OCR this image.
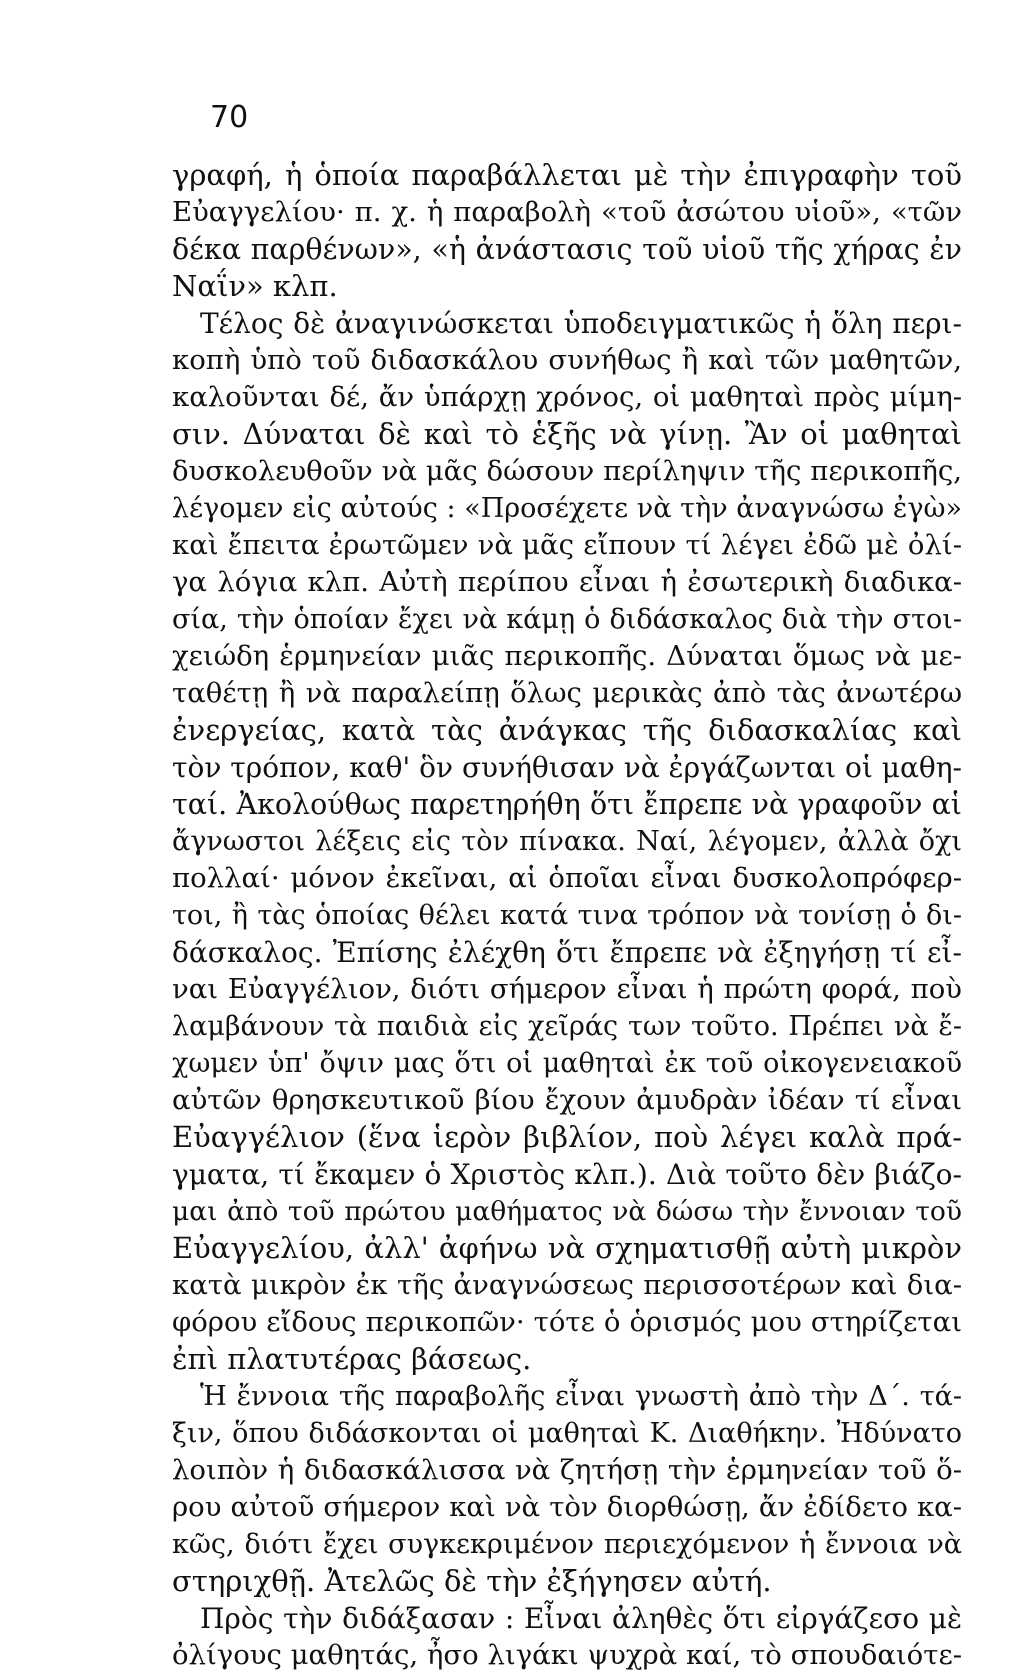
70
γραφή, ἡ ὁποία παραβάλλεται μὲ τὴν ἐπιγραφὴν τοῦ
Εὐαγγελίου· π. χ. ἡ παραβολὴ «τοῦ ἀσώτου υἱοῦ», «τῶν
δέκα παρθένων», «ἡ ἀνάστασις τοῦ υἱοῦ τῆς χήρας ἐν
Ναΐν» κλπ.
Τέλος δὲ ἀναγινώσκεται ὑποδειγματικῶς ἡ ὅλη περι-
κοπὴ ὑπὸ τοῦ διδασκάλου συνήθως ἢ καὶ τῶν μαθητῶν,
καλοῦνται δέ, ἄν ὑπάρχῃ χρόνος, οἱ μαθηταὶ πρὸς μίμη-
σιν. Δύναται δὲ καὶ τὸ ἑξῆς νὰ γίνῃ. Ἂν οἱ μαθηταὶ
δυσκολευθοῦν νὰ μᾶς δώσουν περίληψιν τῆς περικοπῆς,
λέγομεν εἰς αὐτούς : «Προσέχετε νὰ τὴν ἀναγνώσω ἐγὼ»
καὶ ἔπειτα ἐρωτῶμεν νὰ μᾶς εἴπουν τί λέγει ἐδῶ μὲ ὀλί-
γα λόγια κλπ. Αὐτὴ περίπου εἶναι ἡ ἐσωτερικὴ διαδικα-
σία, τὴν ὁποίαν ἔχει νὰ κάμῃ ὁ διδάσκαλος διὰ τὴν στοι-
χειώδη ἑρμηνείαν μιᾶς περικοπῆς. Δύναται ὅμως νὰ με-
ταθέτῃ ἢ νὰ παραλείπῃ ὅλως μερικὰς ἀπὸ τὰς ἀνωτέρω
ἐνεργείας, κατὰ τὰς ἀνάγκας τῆς διδασκαλίας καὶ
τὸν τρόπον, καθ' ὃν συνήθισαν νὰ ἐργάζωνται οἱ μαθη-
ταί. Ἀκολούθως παρετηρήθη ὅτι ἔπρεπε νὰ γραφοῦν αἱ
ἄγνωστοι λέξεις εἰς τὸν πίνακα. Ναί, λέγομεν, ἀλλὰ ὄχι
πολλαί· μόνον ἐκεῖναι, αἱ ὁποῖαι εἶναι δυσκολοπρόφερ-
τοι, ἢ τὰς ὁποίας θέλει κατά τινα τρόπον νὰ τονίσῃ ὁ δι-
δάσκαλος. Ἐπίσης ἐλέχθη ὅτι ἔπρεπε νὰ ἐξηγήσῃ τί εἶ-
ναι Εὐαγγέλιον, διότι σήμερον εἶναι ἡ πρώτη φορά, ποὺ
λαμβάνουν τὰ παιδιὰ εἰς χεῖράς των τοῦτο. Πρέπει νὰ ἔ-
χωμεν ὑπ' ὄψιν μας ὅτι οἱ μαθηταὶ ἐκ τοῦ οἰκογενειακοῦ
αὐτῶν θρησκευτικοῦ βίου ἔχουν ἀμυδρὰν ἰδέαν τί εἶναι
Εὐαγγέλιον (ἕνα ἱερὸν βιβλίον, ποὺ λέγει καλὰ πρά-
γματα, τί ἔκαμεν ὁ Χριστὸς κλπ.). Διὰ τοῦτο δὲν βιάζο-
μαι ἀπὸ τοῦ πρώτου μαθήματος νὰ δώσω τὴν ἔννοιαν τοῦ
Εὐαγγελίου, ἀλλ' ἀφήνω νὰ σχηματισθῇ αὐτὴ μικρὸν
κατὰ μικρὸν ἐκ τῆς ἀναγνώσεως περισσοτέρων καὶ δια-
φόρου εἴδους περικοπῶν· τότε ὁ ὁρισμός μου στηρίζεται
ἐπὶ πλατυτέρας βάσεως.
Ἡ ἔννοια τῆς παραβολῆς εἶναι γνωστὴ ἀπὸ τὴν Δ΄. τά-
ξιν, ὅπου διδάσκονται οἱ μαθηταὶ Κ. Διαθήκην. Ἠδύνατο
λοιπὸν ἡ διδασκάλισσα νὰ ζητήσῃ τὴν ἑρμηνείαν τοῦ ὅ-
ρου αὐτοῦ σήμερον καὶ νὰ τὸν διορθώσῃ, ἄν ἐδίδετο κα-
κῶς, διότι ἔχει συγκεκριμένον περιεχόμενον ἡ ἔννοια νὰ
στηριχθῇ. Ἀτελῶς δὲ τὴν ἐξήγησεν αὐτή.
Πρὸς τὴν διδάξασαν : Εἶναι ἀληθὲς ὅτι εἰργάζεσο μὲ
ὀλίγους μαθητάς, ἦσο λιγάκι ψυχρὰ καί, τὸ σπουδαιότε-
